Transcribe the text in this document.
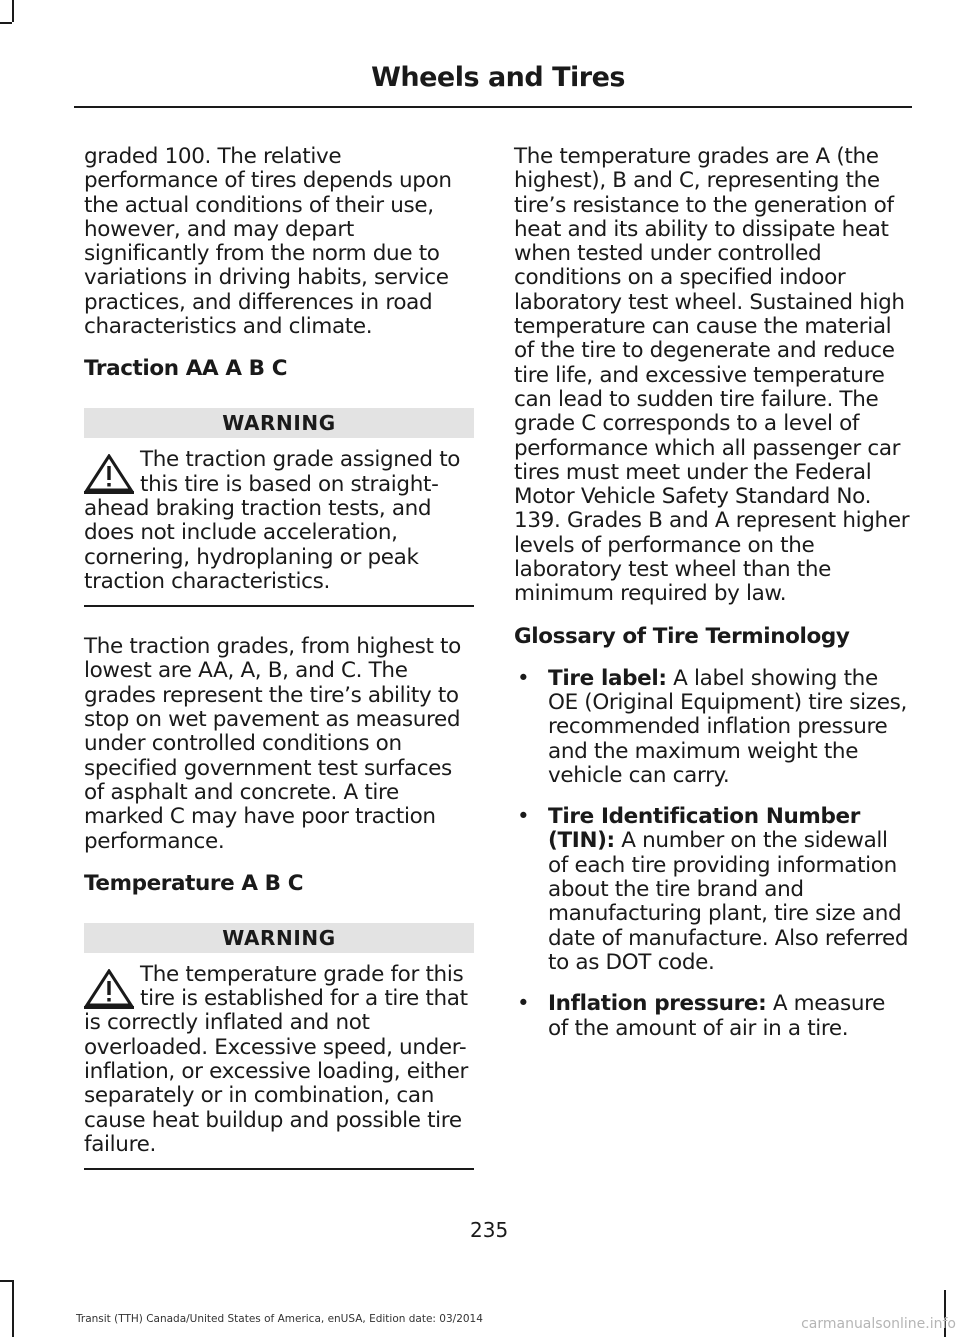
Wheels and Tires

graded 100. The relative performance of tires depends upon the actual conditions of their use, however, and may depart significantly from the norm due to variations in driving habits, service practices, and differences in road characteristics and climate.

Traction AA A B C
WARNING
The traction grade assigned to this tire is based on straight-ahead braking traction tests, and does not include acceleration, cornering, hydroplaning or peak traction characteristics.

The traction grades, from highest to lowest are AA, A, B, and C. The grades represent the tire’s ability to stop on wet pavement as measured under controlled conditions on specified government test surfaces of asphalt and concrete. A tire marked C may have poor traction performance.

Temperature A B C
WARNING
The temperature grade for this tire is established for a tire that is correctly inflated and not overloaded. Excessive speed, under-inflation, or excessive loading, either separately or in combination, can cause heat buildup and possible tire failure.

The temperature grades are A (the highest), B and C, representing the tire’s resistance to the generation of heat and its ability to dissipate heat when tested under controlled conditions on a specified indoor laboratory test wheel. Sustained high temperature can cause the material of the tire to degenerate and reduce tire life, and excessive temperature can lead to sudden tire failure. The grade C corresponds to a level of performance which all passenger car tires must meet under the Federal Motor Vehicle Safety Standard No. 139. Grades B and A represent higher levels of performance on the laboratory test wheel than the minimum required by law.

Glossary of Tire Terminology
• Tire label: A label showing the OE (Original Equipment) tire sizes, recommended inflation pressure and the maximum weight the vehicle can carry.
• Tire Identification Number (TIN): A number on the sidewall of each tire providing information about the tire brand and manufacturing plant, tire size and date of manufacture. Also referred to as DOT code.
• Inflation pressure: A measure of the amount of air in a tire.
235
Transit (TTH) Canada/United States of America, enUSA, Edition date: 03/2014	carmanualsonline.info
